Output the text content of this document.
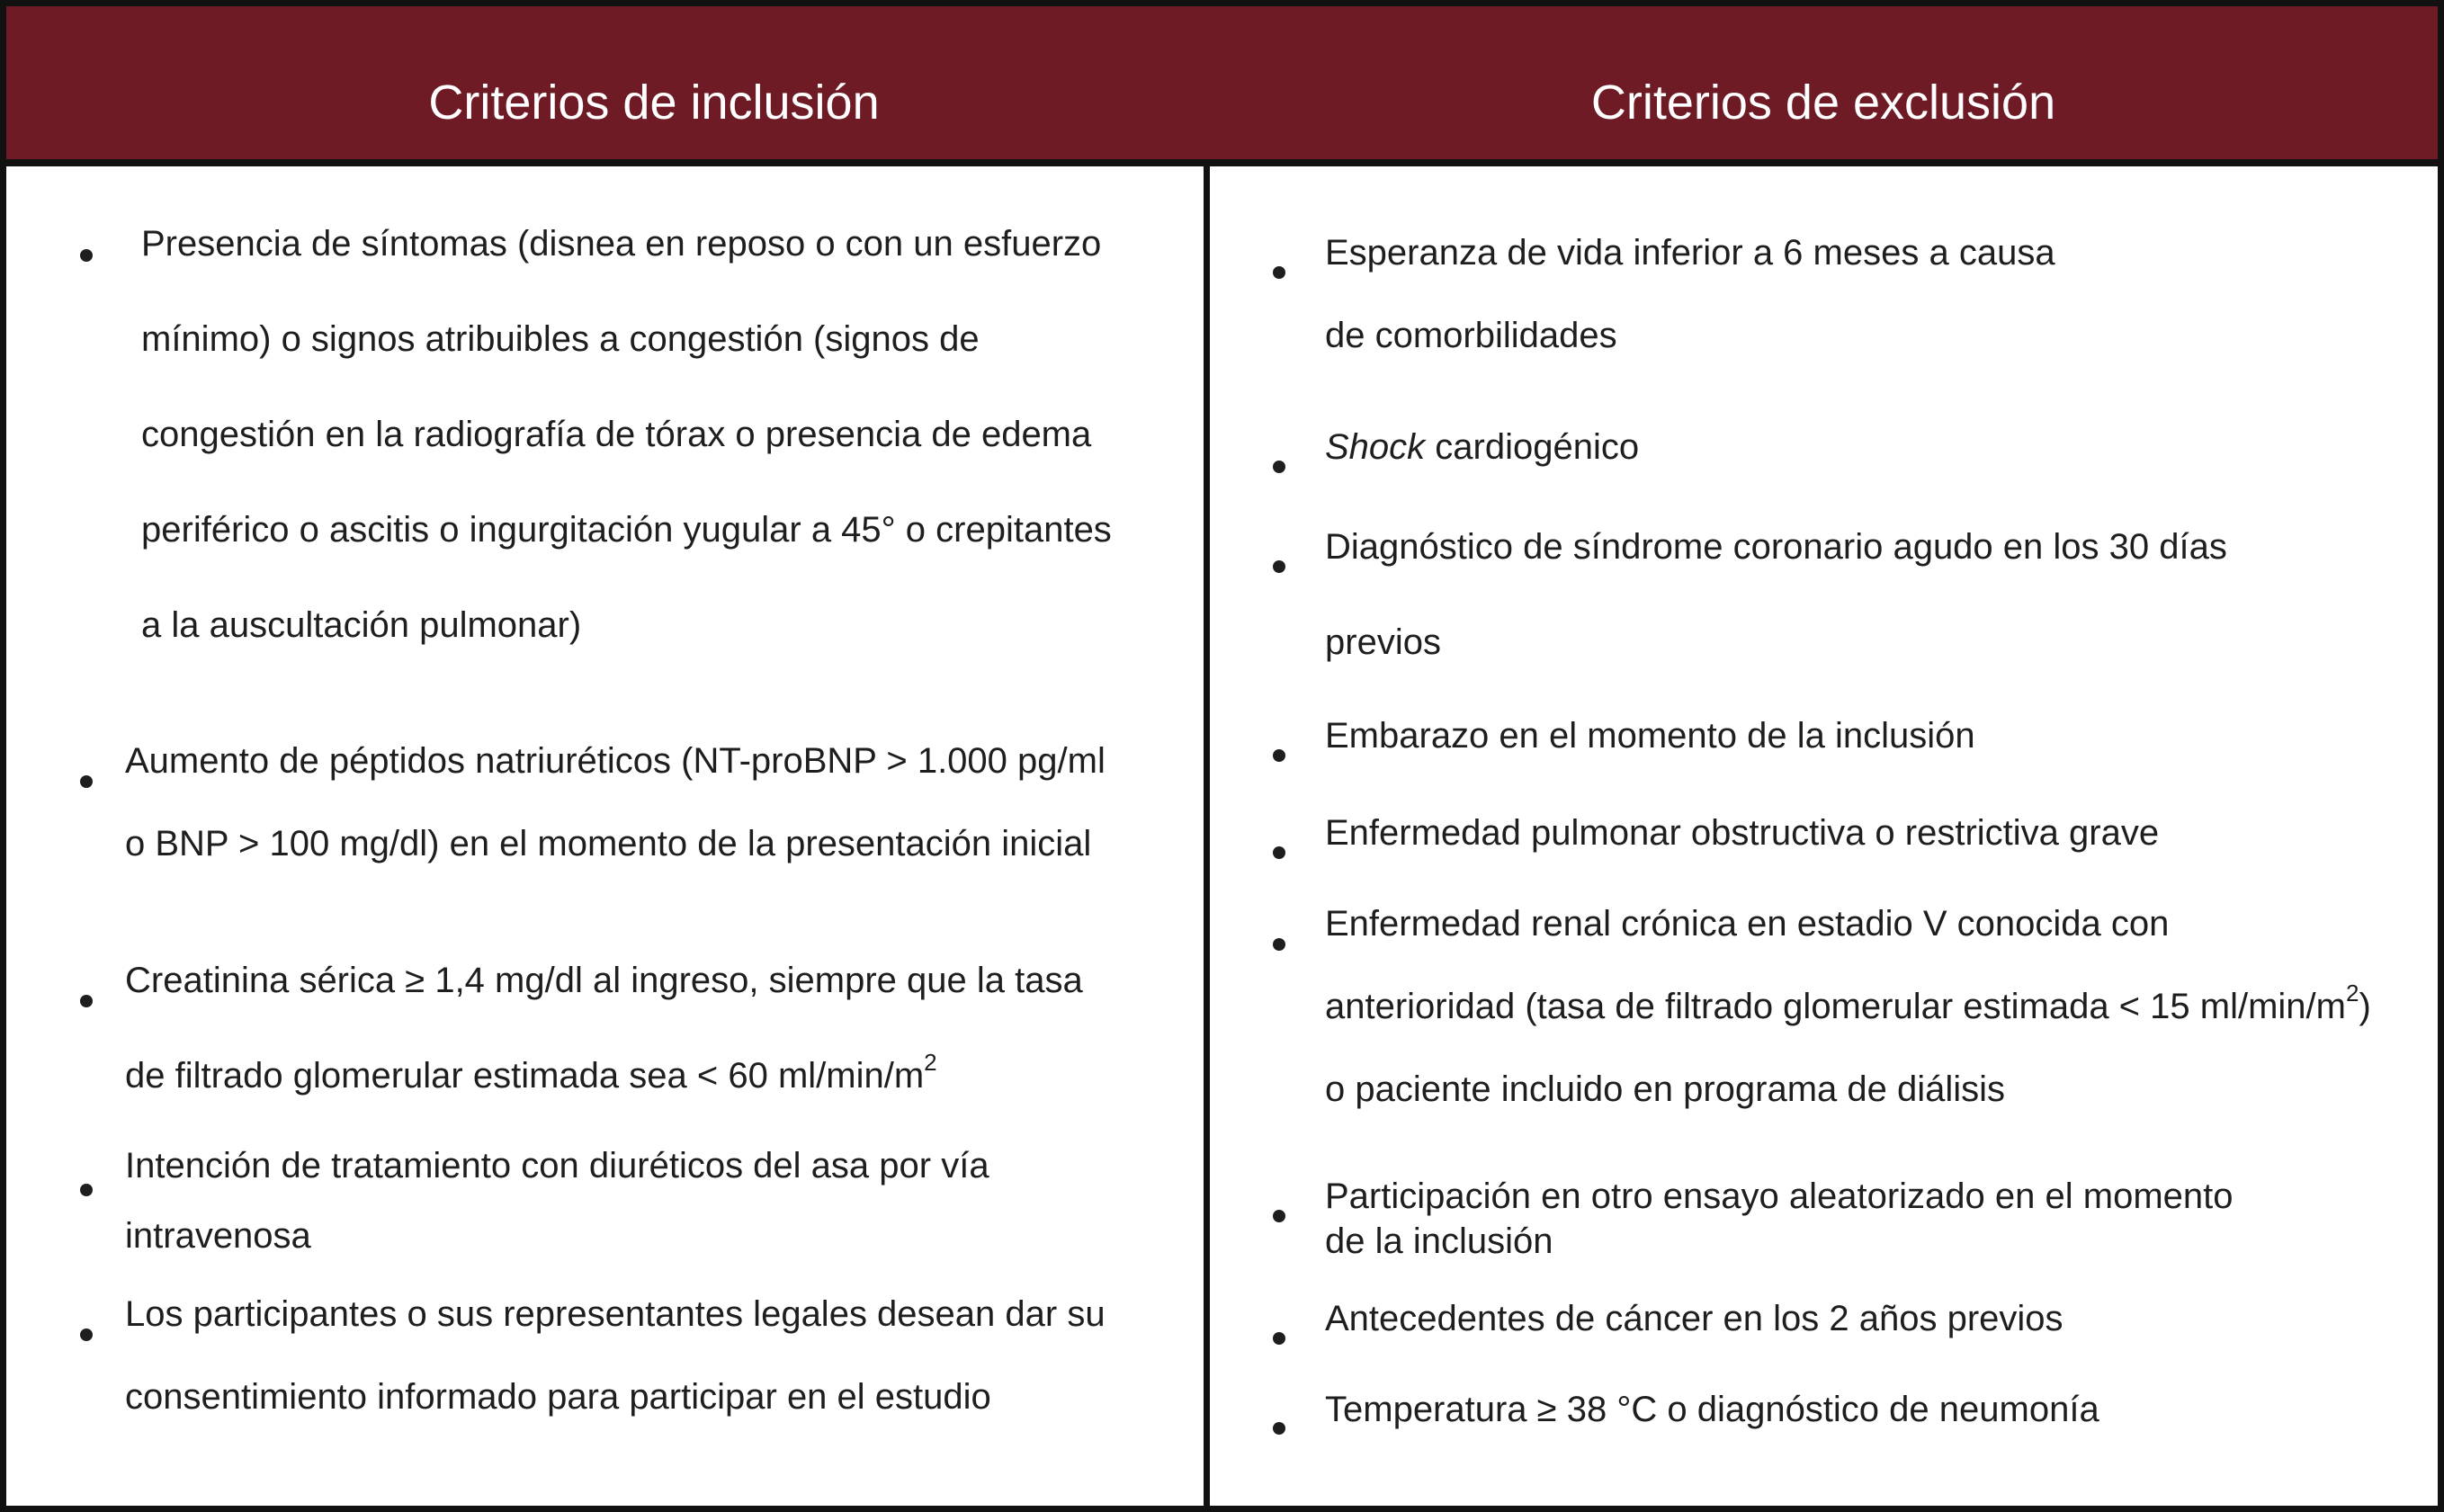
Criterios de inclusión	Criterios de exclusión
Presencia de síntomas (disnea en reposo o con un esfuerzo
mínimo) o signos atribuibles a congestión (signos de
congestión en la radiografía de tórax o presencia de edema
periférico o ascitis o ingurgitación yugular a 45° o crepitantes
a la auscultación pulmonar)
Aumento de péptidos natriuréticos (NT-proBNP > 1.000 pg/ml
o BNP > 100 mg/dl) en el momento de la presentación inicial
Creatinina sérica ≥ 1,4 mg/dl al ingreso, siempre que la tasa
de filtrado glomerular estimada sea < 60 $ml/\min/m^2$
Intención de tratamiento con diuréticos del asa por vía
intravenosa
Los participantes o sus representantes legales desean dar su
consentimiento informado para participar en el estudio
Esperanza de vida inferior a 6 meses a causa
de comorbilidades
Shock cardiogénico
Diagnóstico de síndrome coronario agudo en los 30 días
previos
Embarazo en el momento de la inclusión
Enfermedad pulmonar obstructiva o restrictiva grave
Enfermedad renal crónica en estadio V conocida con
anterioridad (tasa de filtrado glomerular estimada < 15 $ml/\min/m^2$)
o paciente incluido en programa de diálisis
Participación en otro ensayo aleatorizado en el momento
de la inclusión
Antecedentes de cáncer en los 2 años previos
Temperatura ≥ 38 °C o diagnóstico de neumonía
